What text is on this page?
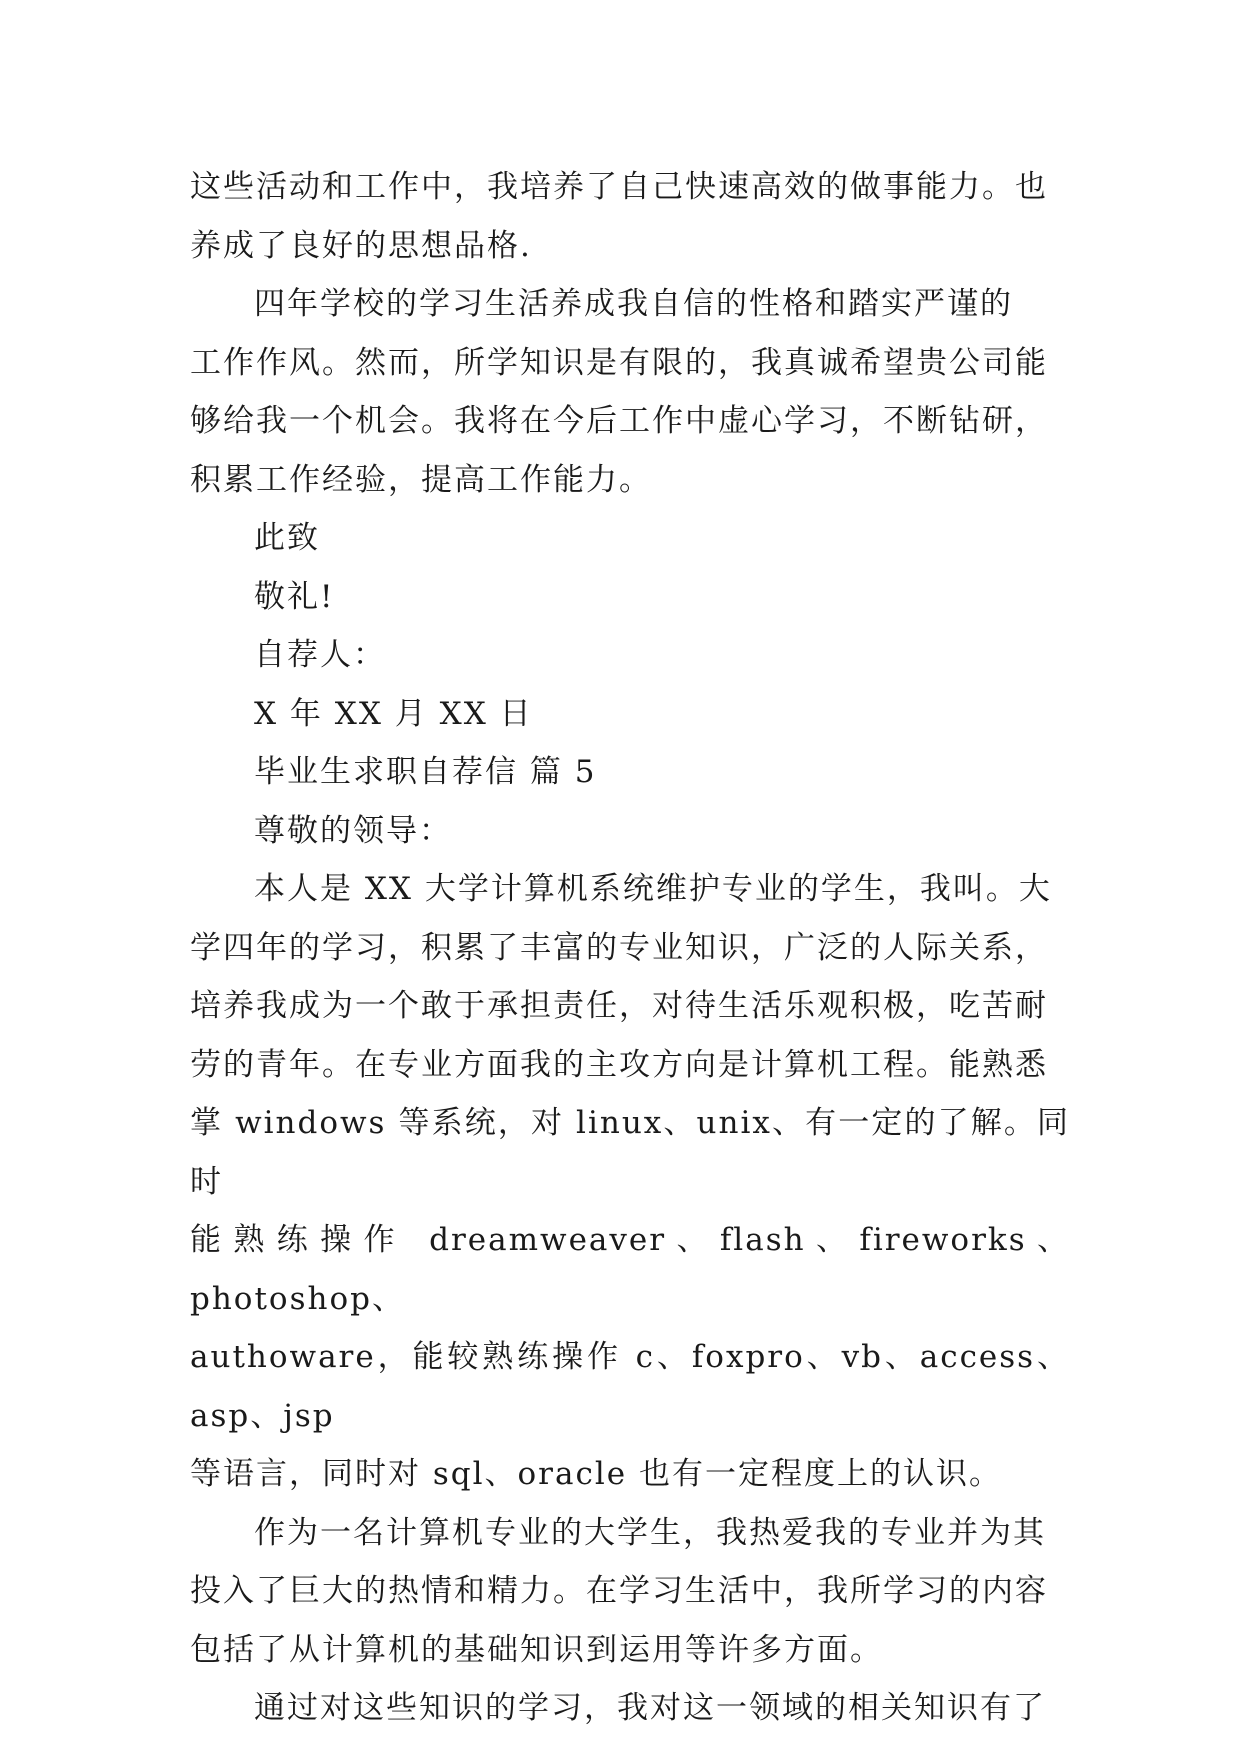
这些活动和工作中，我培养了自己快速高效的做事能力。也
养成了良好的思想品格.

四年学校的学习生活养成我自信的性格和踏实严谨的
工作作风。然而，所学知识是有限的，我真诚希望贵公司能
够给我一个机会。我将在今后工作中虚心学习，不断钻研，
积累工作经验，提高工作能力。

此致

敬礼!

自荐人：

X 年 XX 月 XX 日

毕业生求职自荐信 篇 5

尊敬的领导：

本人是 XX 大学计算机系统维护专业的学生，我叫。大
学四年的学习，积累了丰富的专业知识，广泛的人际关系，
培养我成为一个敢于承担责任，对待生活乐观积极，吃苦耐
劳的青年。在专业方面我的主攻方向是计算机工程。能熟悉
掌 windows 等系统，对 linux、unix、有一定的了解。同时
能熟练操作 dreamweaver、flash、fireworks、photoshop、
authoware，能较熟练操作 c、foxpro、vb、access、asp、jsp
等语言，同时对 sql、oracle 也有一定程度上的认识。

作为一名计算机专业的大学生，我热爱我的专业并为其
投入了巨大的热情和精力。在学习生活中，我所学习的内容
包括了从计算机的基础知识到运用等许多方面。

通过对这些知识的学习，我对这一领域的相关知识有了
